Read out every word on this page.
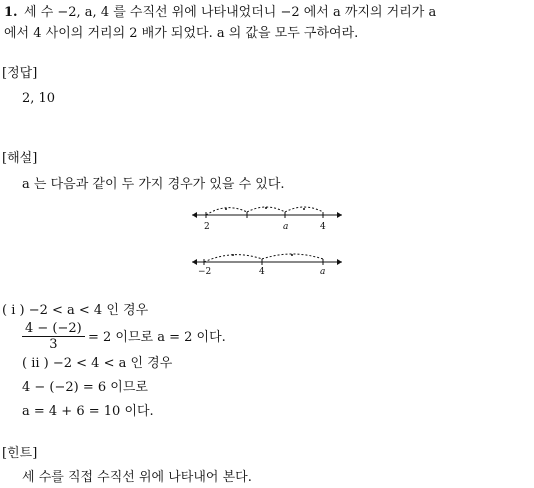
1. 세 수 −2, a, 4 를 수직선 위에 나타내었더니 −2 에서 a 까지의 거리가 a
에서 4 사이의 거리의 2 배가 되었다. a 의 값을 모두 구하여라.
[정답]
2, 10
[해설]
a 는 다음과 같이 두 가지 경우가 있을 수 있다.
2	a	4
−2	4	a
( i ) −2 < a < 4 인 경우
$\frac{4 - (-2)}{3} = 2$ 이므로 a = 2 이다.
( ii ) −2 < 4 < a 인 경우
4 − (−2) = 6 이므로
a = 4 + 6 = 10 이다.
[힌트]
세 수를 직접 수직선 위에 나타내어 본다.
